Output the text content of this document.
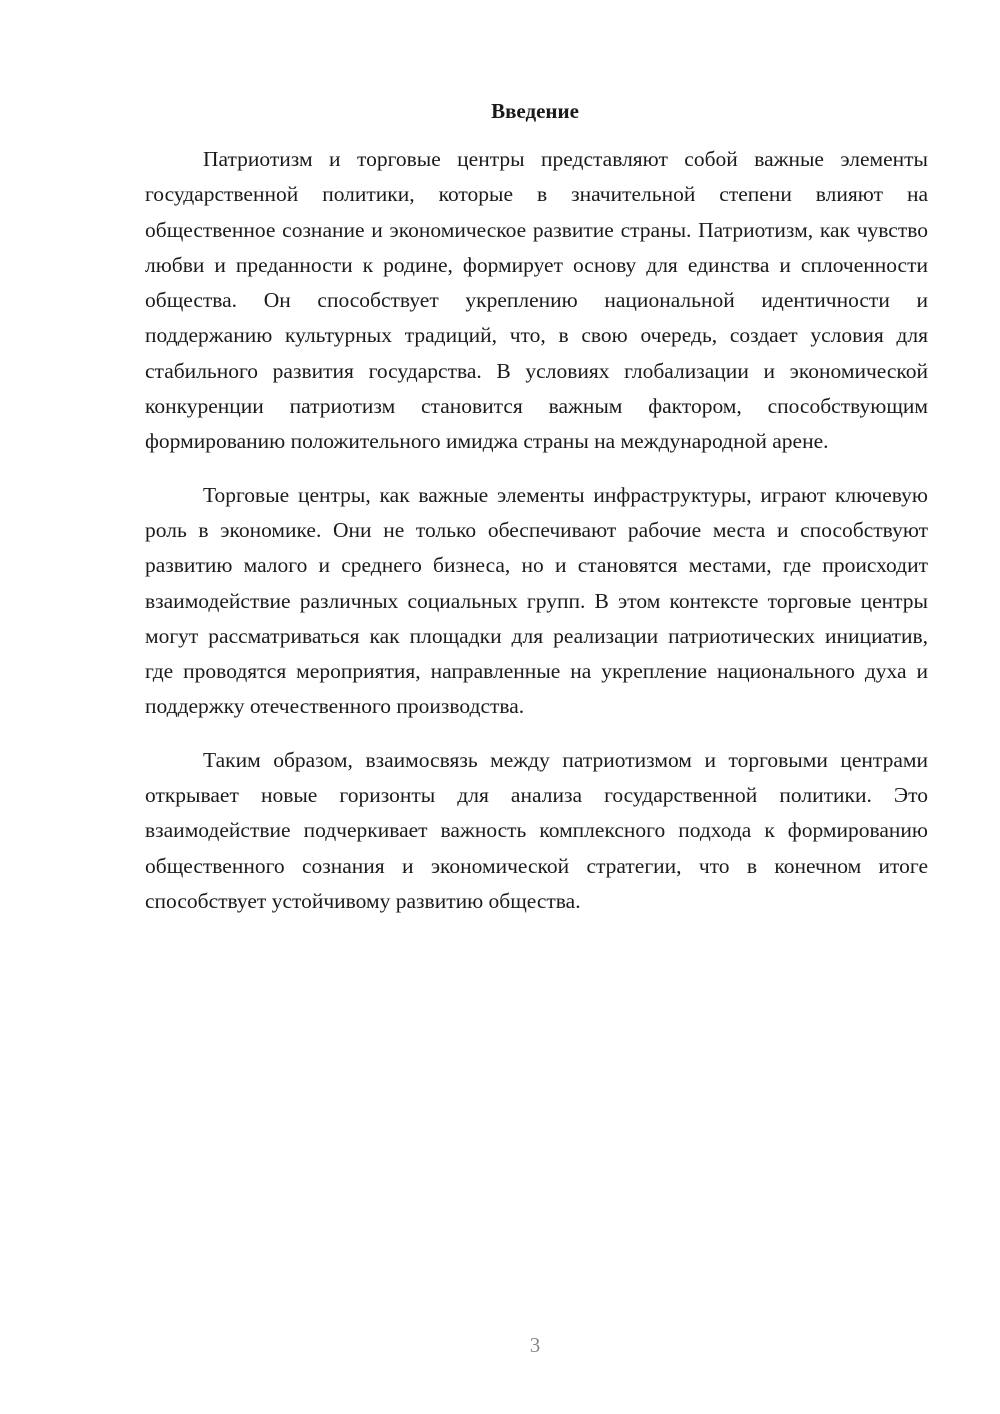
Введение

Патриотизм и торговые центры представляют собой важные элементы государственной политики, которые в значительной степени влияют на общественное сознание и экономическое развитие страны. Патриотизм, как чувство любви и преданности к родине, формирует основу для единства и сплоченности общества. Он способствует укреплению национальной идентичности и поддержанию культурных традиций, что, в свою очередь, создает условия для стабильного развития государства. В условиях глобализации и экономической конкуренции патриотизм становится важным фактором, способствующим формированию положительного имиджа страны на международной арене.

Торговые центры, как важные элементы инфраструктуры, играют ключевую роль в экономике. Они не только обеспечивают рабочие места и способствуют развитию малого и среднего бизнеса, но и становятся местами, где происходит взаимодействие различных социальных групп. В этом контексте торговые центры могут рассматриваться как площадки для реализации патриотических инициатив, где проводятся мероприятия, направленные на укрепление национального духа и поддержку отечественного производства.

Таким образом, взаимосвязь между патриотизмом и торговыми центрами открывает новые горизонты для анализа государственной политики. Это взаимодействие подчеркивает важность комплексного подхода к формированию общественного сознания и экономической стратегии, что в конечном итоге способствует устойчивому развитию общества.

3
